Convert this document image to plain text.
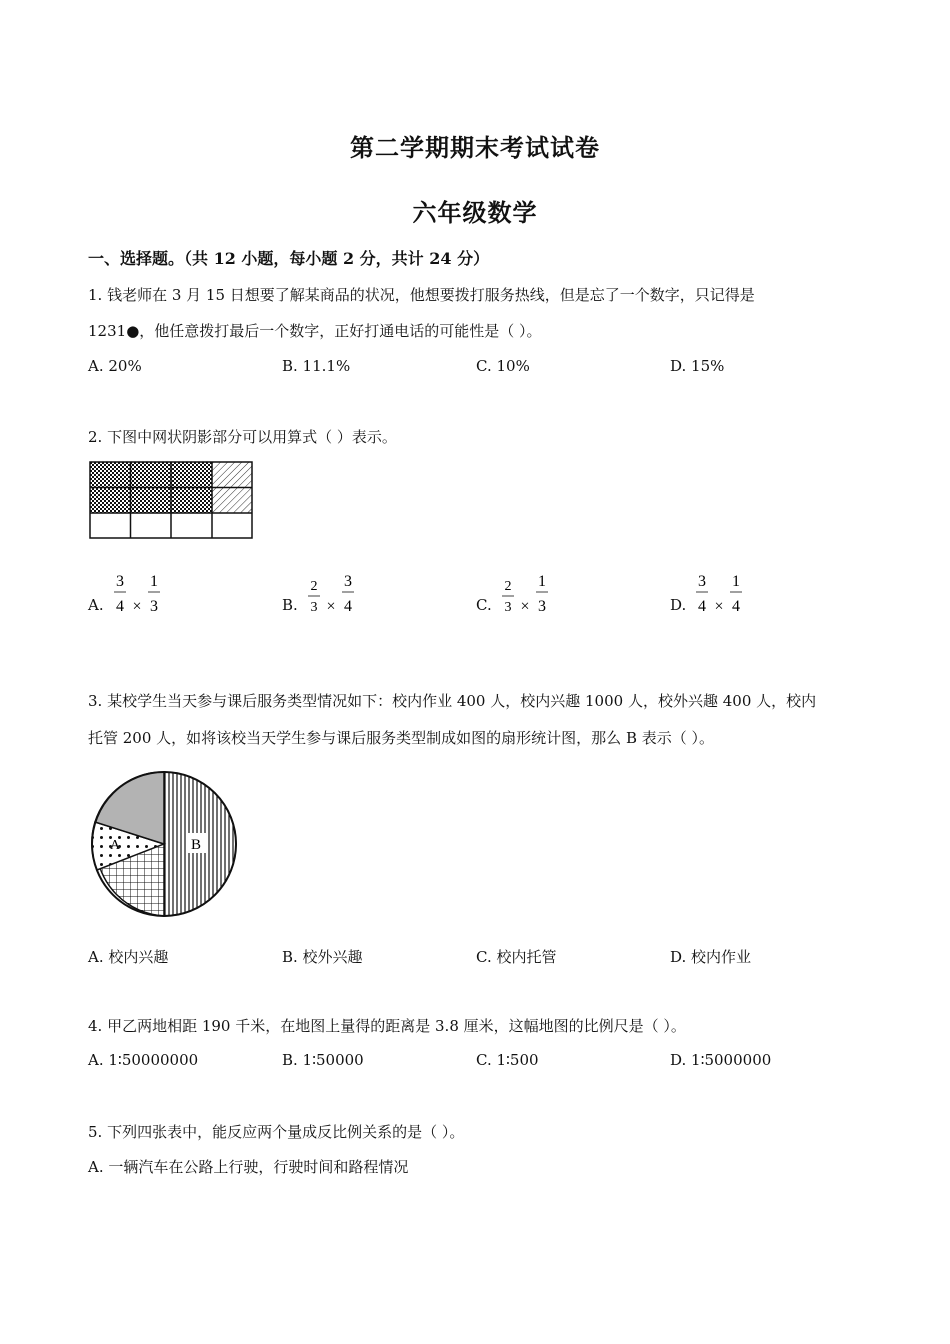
第二学期期末考试试卷
六年级数学
一、选择题。（共 12 小题，每小题 2 分，共计 24 分）
1. 钱老师在 3 月 15 日想要了解某商品的状况，他想要拨打服务热线，但是忘了一个数字，只记得是
1231●，他任意拨打最后一个数字，正好打通电话的可能性是（ ）。
A. 20%	B. 11.1%	C. 10%	D. 15%
2. 下图中网状阴影部分可以用算式（ ）表示。
A.
3
4 ×
1
3	B.
2
3 ×
3
4	C.
2
3 ×
1
3	D.
3
4 ×
1
4
3. 某校学生当天参与课后服务类型情况如下：校内作业 400 人，校内兴趣 1000 人，校外兴趣 400 人，校内
托管 200 人，如将该校当天学生参与课后服务类型制成如图的扇形统计图，那么 B 表示（ ）。
B
A
A. 校内兴趣	B. 校外兴趣	C. 校内托管	D. 校内作业
4. 甲乙两地相距 190 千米，在地图上量得的距离是 3.8 厘米，这幅地图的比例尺是（ ）。
A. 1∶50000000	B. 1∶50000	C. 1∶500	D. 1∶5000000
5. 下列四张表中，能反应两个量成反比例关系的是（ ）。
A. 一辆汽车在公路上行驶，行驶时间和路程情况
